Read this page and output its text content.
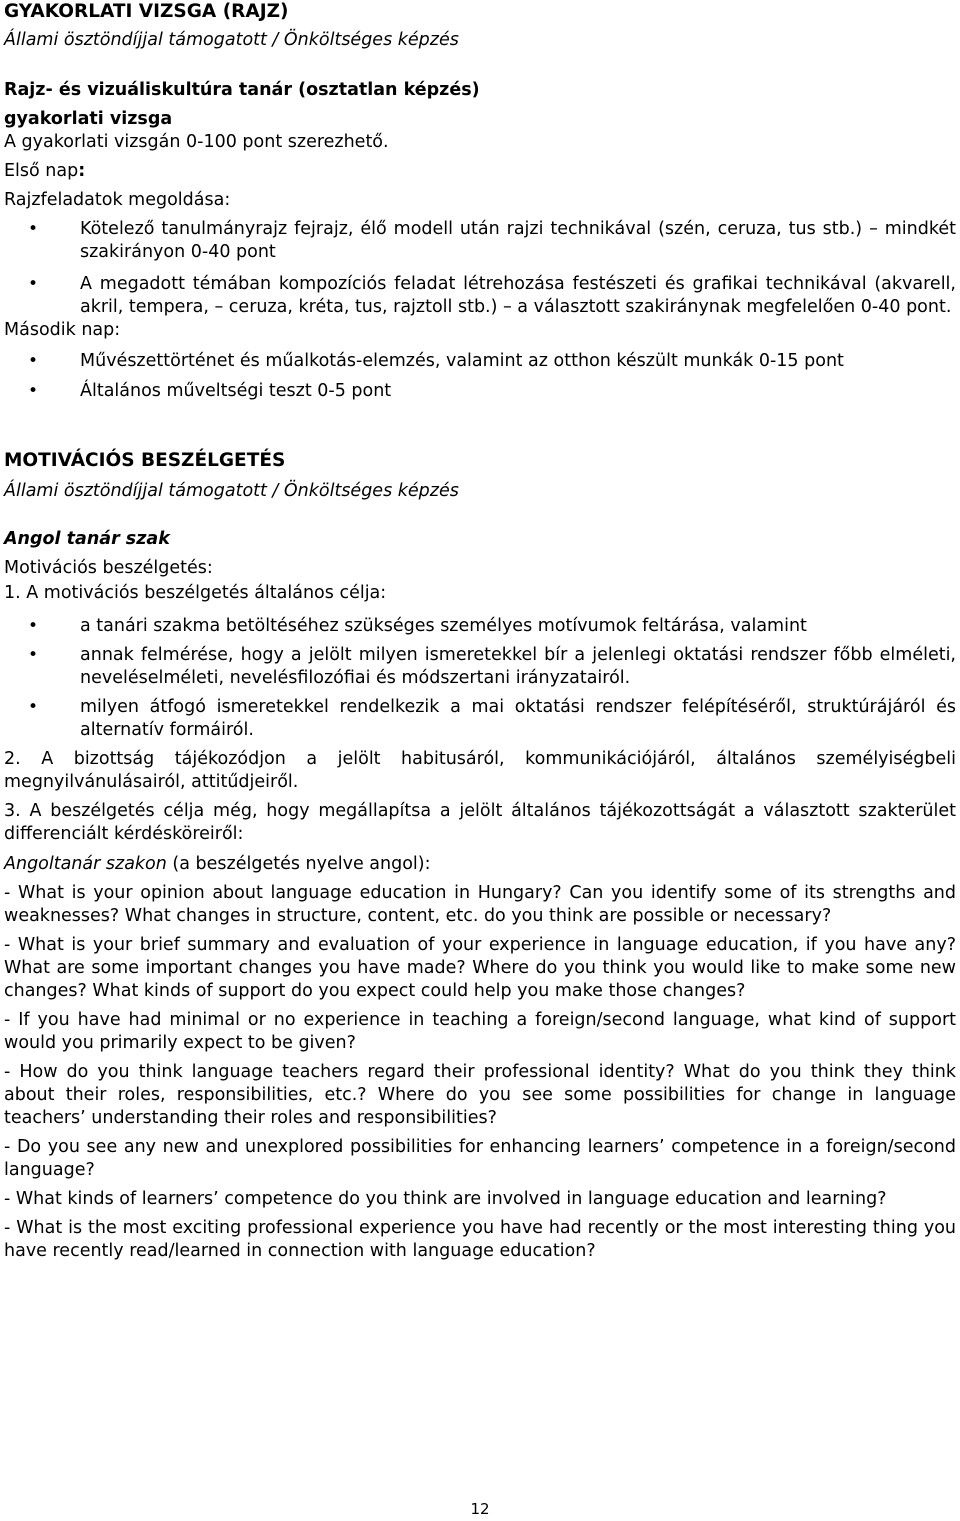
GYAKORLATI VIZSGA (RAJZ)

Állami ösztöndíjjal támogatott / Önköltséges képzés

Rajz- és vizuáliskultúra tanár (osztatlan képzés)

gyakorlati vizsga

A gyakorlati vizsgán 0-100 pont szerezhető.

Első nap:

Rajzfeladatok megoldása:

• Kötelező tanulmányrajz fejrajz, élő modell után rajzi technikával (szén, ceruza, tus stb.) – mindkét szakirányon 0-40 pont
• A megadott témában kompozíciós feladat létrehozása festészeti és grafikai technikával (akvarell, akril, tempera, – ceruza, kréta, tus, rajztoll stb.) – a választott szakiránynak megfelelően 0-40 pont.

Második nap:

• Művészettörténet és műalkotás-elemzés, valamint az otthon készült munkák 0-15 pont
• Általános műveltségi teszt 0-5 pont

MOTIVÁCIÓS BESZÉLGETÉS

Állami ösztöndíjjal támogatott / Önköltséges képzés

Angol tanár szak

Motivációs beszélgetés:

1. A motivációs beszélgetés általános célja:

• a tanári szakma betöltéséhez szükséges személyes motívumok feltárása, valamint
• annak felmérése, hogy a jelölt milyen ismeretekkel bír a jelenlegi oktatási rendszer főbb elméleti, neveléselméleti, nevelésfilozófiai és módszertani irányzatairól.
• milyen átfogó ismeretekkel rendelkezik a mai oktatási rendszer felépítéséről, struktúrájáról és alternatív formáiról.

2. A bizottság tájékozódjon a jelölt habitusáról, kommunikációjáról, általános személyiségbeli megnyilvánulásairól, attitűdjeiről.

3. A beszélgetés célja még, hogy megállapítsa a jelölt általános tájékozottságát a választott szakterület differenciált kérdésköreiről:

Angoltanár szakon (a beszélgetés nyelve angol):

- What is your opinion about language education in Hungary? Can you identify some of its strengths and weaknesses? What changes in structure, content, etc. do you think are possible or necessary?

- What is your brief summary and evaluation of your experience in language education, if you have any? What are some important changes you have made? Where do you think you would like to make some new changes? What kinds of support do you expect could help you make those changes?

- If you have had minimal or no experience in teaching a foreign/second language, what kind of support would you primarily expect to be given?

- How do you think language teachers regard their professional identity? What do you think they think about their roles, responsibilities, etc.? Where do you see some possibilities for change in language teachers’ understanding their roles and responsibilities?

- Do you see any new and unexplored possibilities for enhancing learners’ competence in a foreign/second language?

- What kinds of learners’ competence do you think are involved in language education and learning?

- What is the most exciting professional experience you have had recently or the most interesting thing you have recently read/learned in connection with language education?

12
